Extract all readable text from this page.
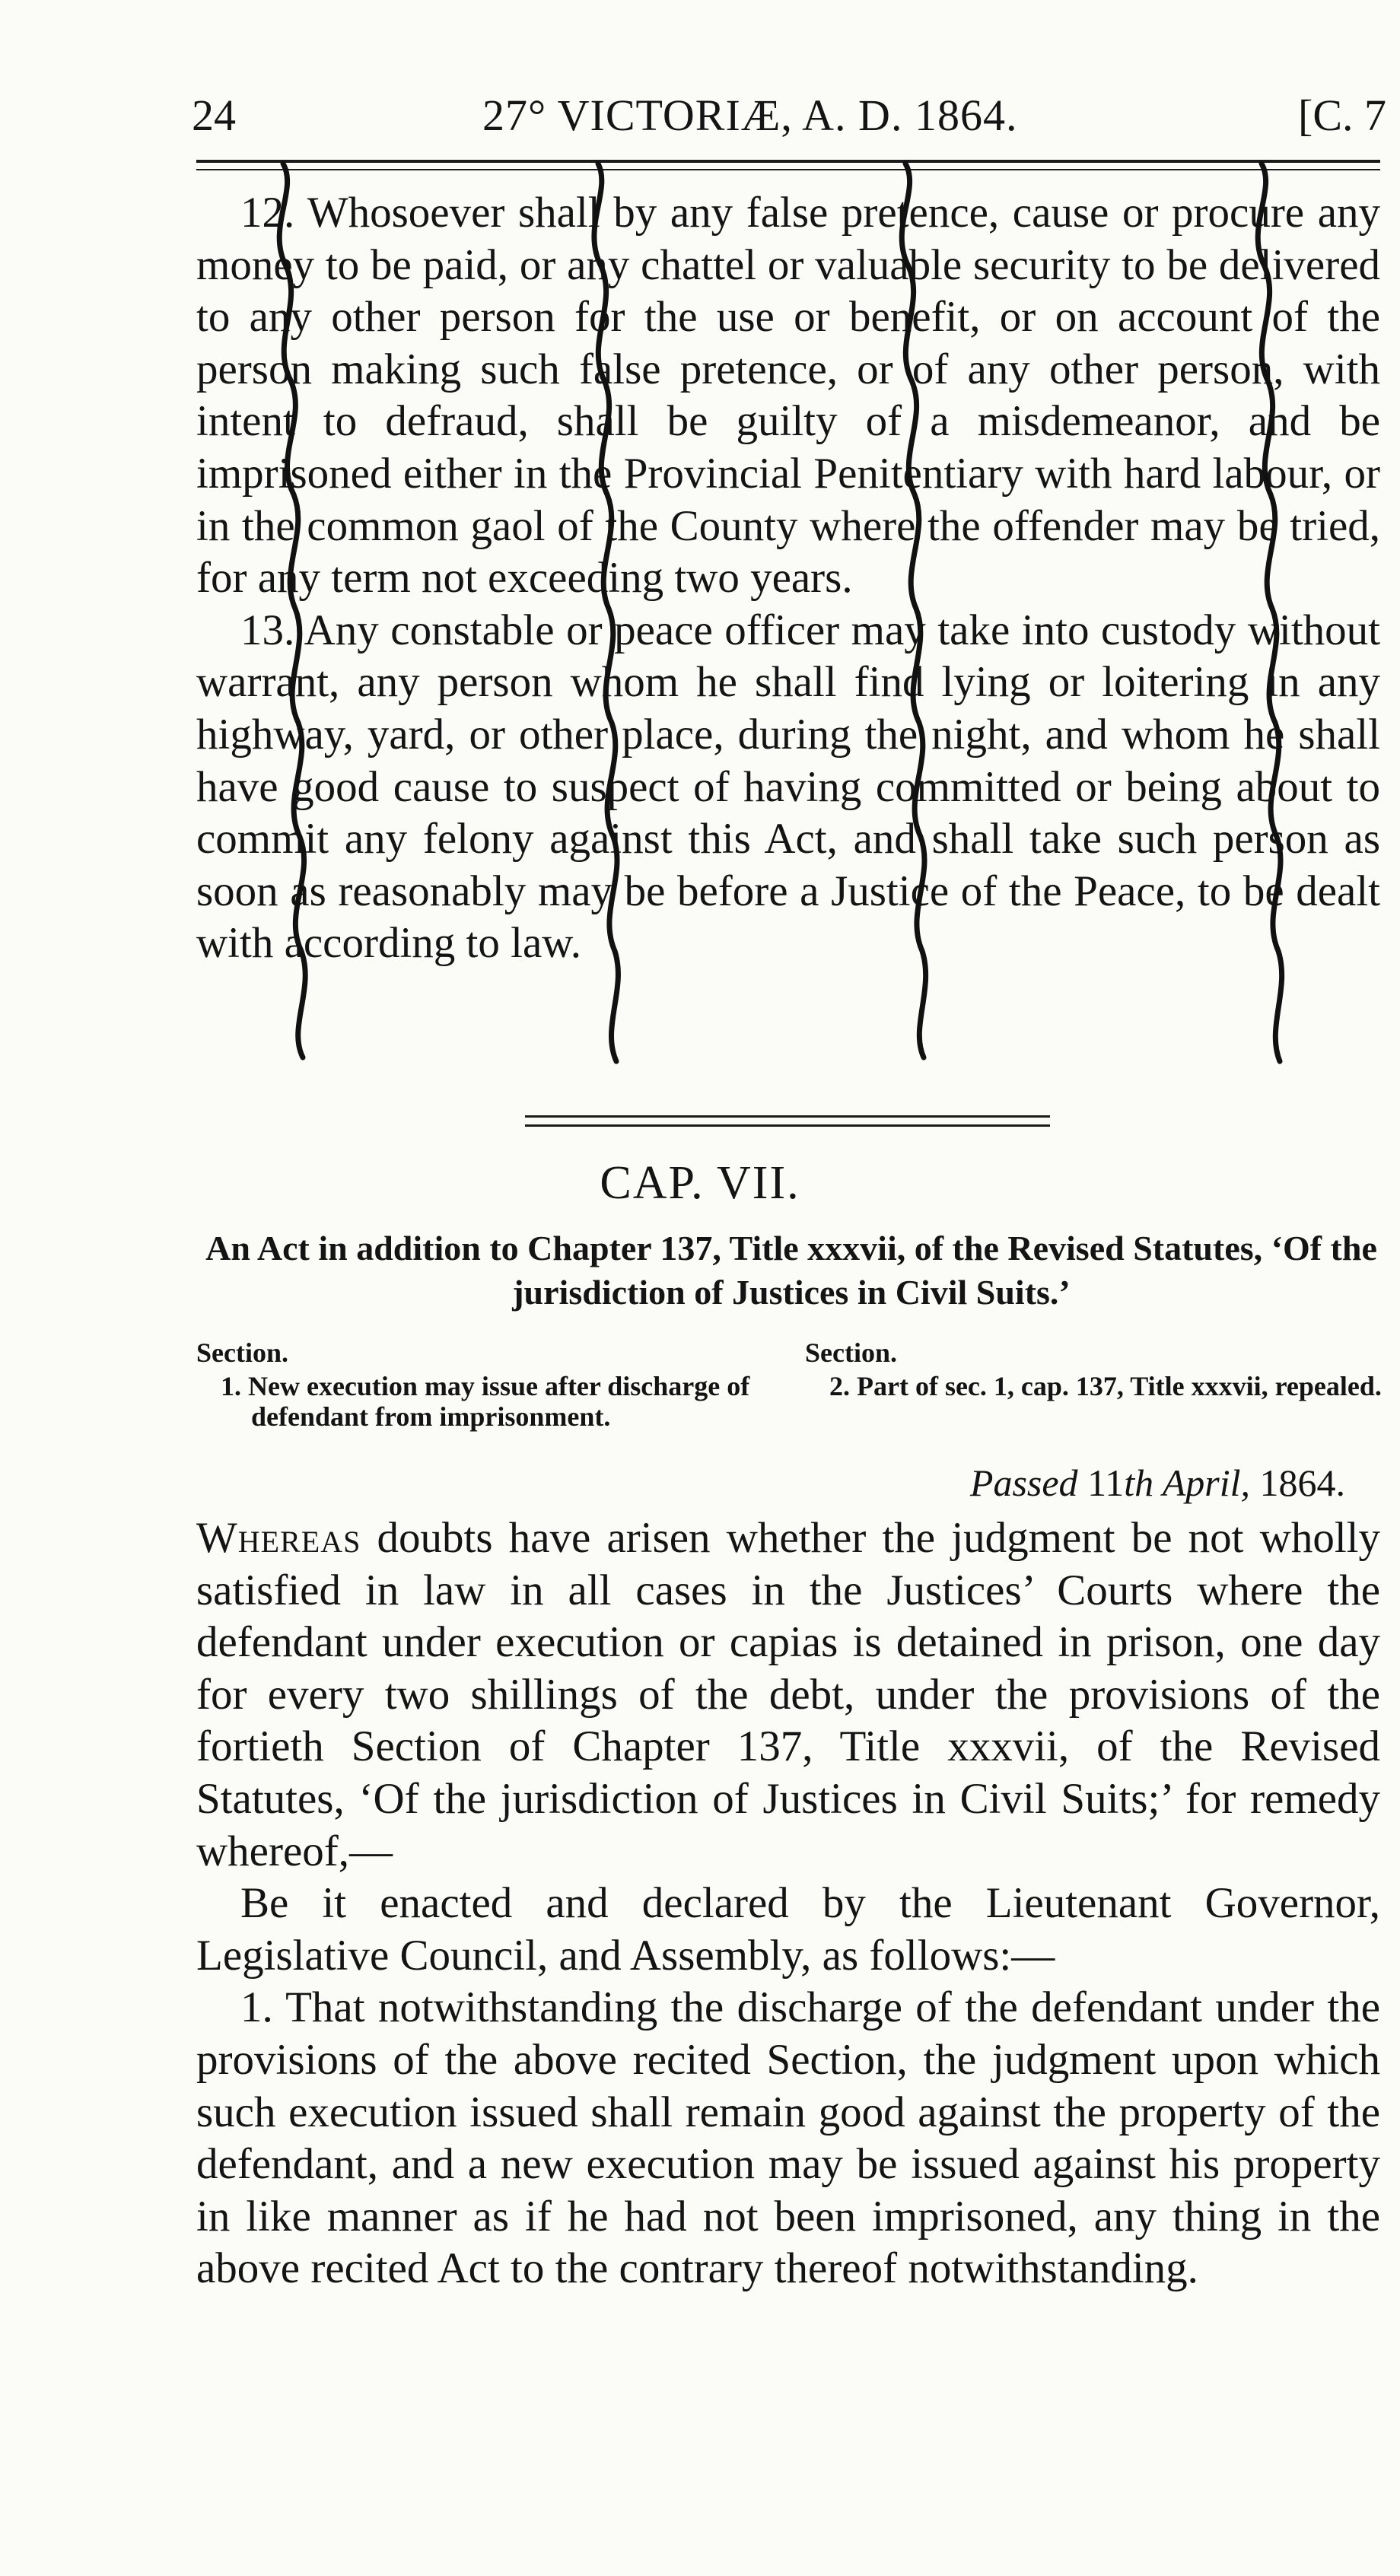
24	27° VICTORIÆ, A. D. 1864.	[C. 7

12. Whosoever shall by any false pretence, cause or procure any money to be paid, or any chattel or valuable security to be delivered to any other person for the use or benefit, or on account of the person making such false pretence, or of any other person, with intent to defraud, shall be guilty of a misdemeanor, and be imprisoned either in the Provincial Penitentiary with hard labour, or in the common gaol of the County where the offender may be tried, for any term not exceeding two years.

13. Any constable or peace officer may take into custody without warrant, any person whom he shall find lying or loitering in any highway, yard, or other place, during the night, and whom he shall have good cause to suspect of having committed or being about to commit any felony against this Act, and shall take such person as soon as reasonably may be before a Justice of the Peace, to be dealt with according to law.

CAP. VII.
An Act in addition to Chapter 137, Title xxxvii, of the Revised Statutes, ‘Of the jurisdiction of Justices in Civil Suits.’
Section.
1. New execution may issue after discharge of defendant from imprisonment.
Section.
2. Part of sec. 1, cap. 137, Title xxxvii, repealed.
Passed 11th April, 1864.

Whereas doubts have arisen whether the judgment be not wholly satisfied in law in all cases in the Justices’ Courts where the defendant under execution or capias is detained in prison, one day for every two shillings of the debt, under the provisions of the fortieth Section of Chapter 137, Title xxxvii, of the Revised Statutes, ‘Of the jurisdiction of Justices in Civil Suits;’ for remedy whereof,—

Be it enacted and declared by the Lieutenant Governor, Legislative Council, and Assembly, as follows:—

1. That notwithstanding the discharge of the defendant under the provisions of the above recited Section, the judgment upon which such execution issued shall remain good against the property of the defendant, and a new execution may be issued against his property in like manner as if he had not been imprisoned, any thing in the above recited Act to the contrary thereof notwithstanding.
